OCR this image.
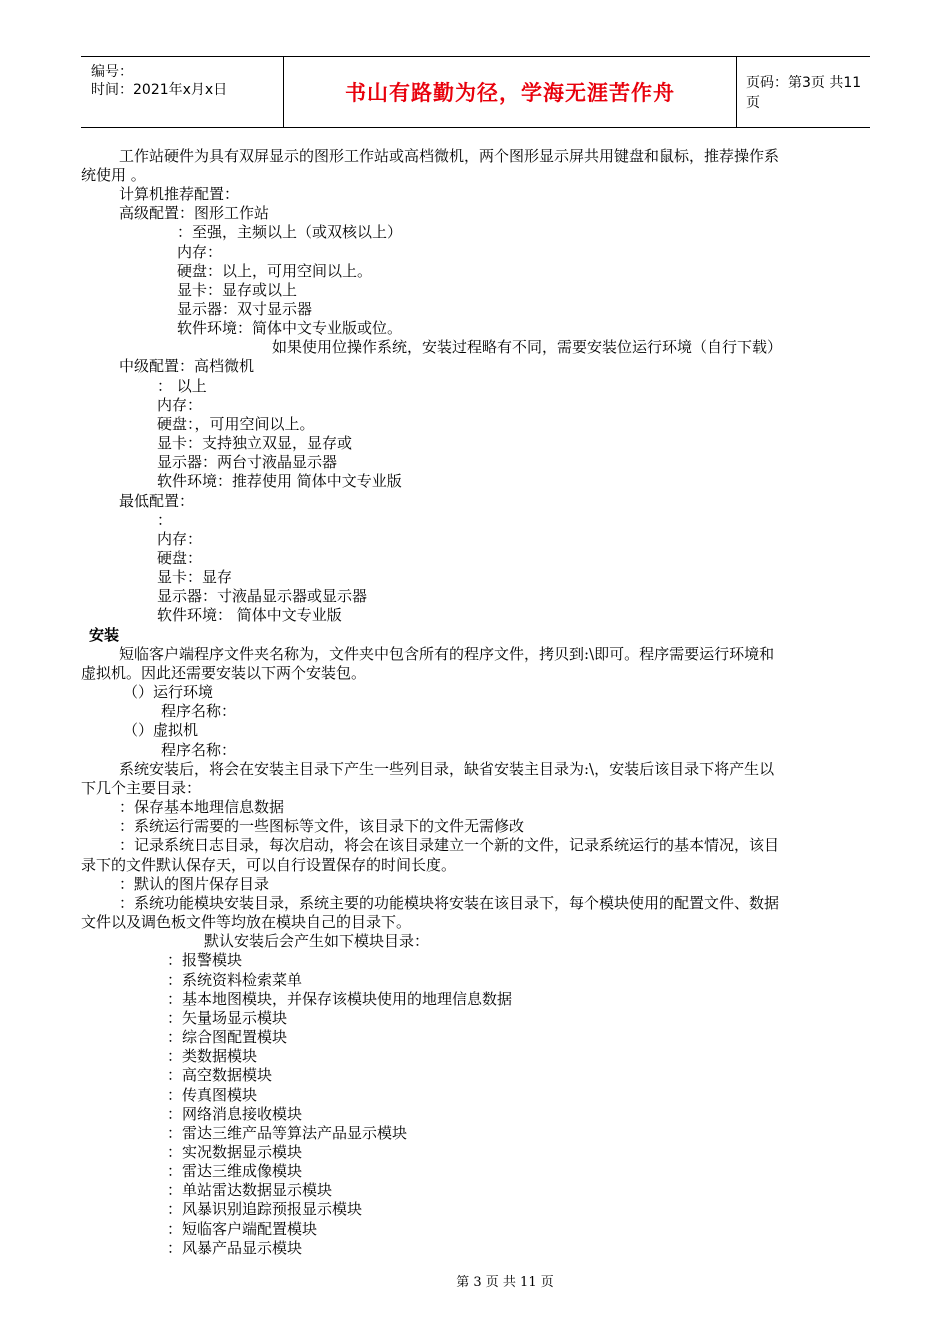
编号：
时间：2021年x月x日	书山有路勤为径，学海无涯苦作舟	页码：第3页 共11页
工作站硬件为具有双屏显示的图形工作站或高档微机，两个图形显示屏共用键盘和鼠标，推荐操作系
统使用 。
计算机推荐配置：
高级配置：图形工作站
：至强，主频以上（或双核以上）
内存：
硬盘：以上，可用空间以上。
显卡：显存或以上
显示器：双寸显示器
软件环境：简体中文专业版或位。
如果使用位操作系统，安装过程略有不同，需要安装位运行环境（自行下载）
中级配置：高档微机
： 以上
内存：
硬盘：，可用空间以上。
显卡：支持独立双显，显存或
显示器：两台寸液晶显示器
软件环境：推荐使用 简体中文专业版
最低配置：
：
内存：
硬盘：
显卡：显存
显示器：寸液晶显示器或显示器
软件环境： 简体中文专业版
安装
短临客户端程序文件夹名称为，文件夹中包含所有的程序文件，拷贝到:\即可。程序需要运行环境和
虚拟机。因此还需要安装以下两个安装包。
（）运行环境
程序名称：
（）虚拟机
程序名称：
系统安装后，将会在安装主目录下产生一些列目录，缺省安装主目录为:\，安装后该目录下将产生以
下几个主要目录：
：保存基本地理信息数据
：系统运行需要的一些图标等文件，该目录下的文件无需修改
：记录系统日志目录，每次启动，将会在该目录建立一个新的文件，记录系统运行的基本情况，该目
录下的文件默认保存天，可以自行设置保存的时间长度。
：默认的图片保存目录
：系统功能模块安装目录，系统主要的功能模块将安装在该目录下，每个模块使用的配置文件、数据
文件以及调色板文件等均放在模块自己的目录下。
默认安装后会产生如下模块目录：
：报警模块
：系统资料检索菜单
：基本地图模块，并保存该模块使用的地理信息数据
：矢量场显示模块
：综合图配置模块
：类数据模块
：高空数据模块
：传真图模块
：网络消息接收模块
：雷达三维产品等算法产品显示模块
：实况数据显示模块
：雷达三维成像模块
：单站雷达数据显示模块
：风暴识别追踪预报显示模块
：短临客户端配置模块
：风暴产品显示模块
第 3 页 共 11 页
